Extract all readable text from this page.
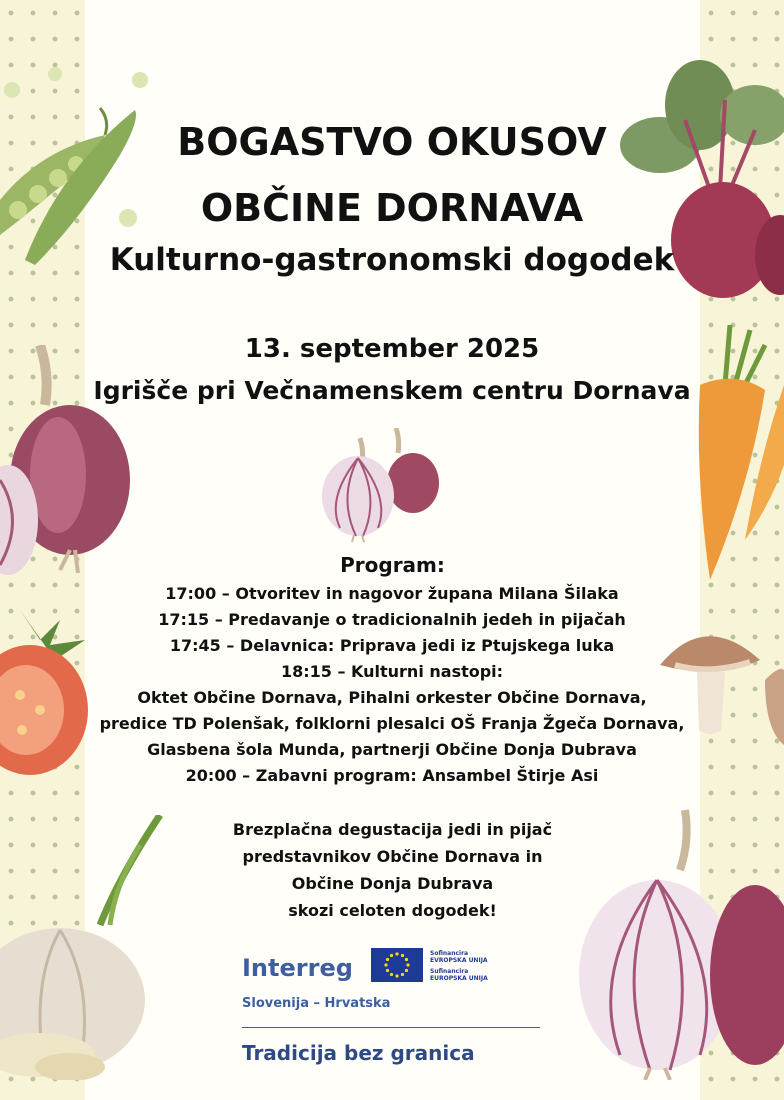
BOGASTVO OKUSOV
OBČINE DORNAVA
Kulturno-gastronomski dogodek
13. september 2025
Igrišče pri Večnamenskem centru Dornava
Program:
17:00 – Otvoritev in nagovor župana Milana Šilaka
17:15 – Predavanje o tradicionalnih jedeh in pijačah
17:45 – Delavnica: Priprava jedi iz Ptujskega luka
18:15 – Kulturni nastopi:
Oktet Občine Dornava, Pihalni orkester Občine Dornava,
predice TD Polenšak, folklorni plesalci OŠ Franja Žgeča Dornava,
Glasbena šola Munda, partnerji Občine Donja Dubrava
20:00 – Zabavni program: Ansambel Štirje Asi
Brezplačna degustacija jedi in pijač
predstavnikov Občine Dornava in
Občine Donja Dubrava
skozi celoten dogodek!
Interreg
Sofinancira
EVROPSKA UNIJA
Sufinancira
EUROPSKA UNIJA
Slovenija – Hrvatska
Tradicija bez granica
